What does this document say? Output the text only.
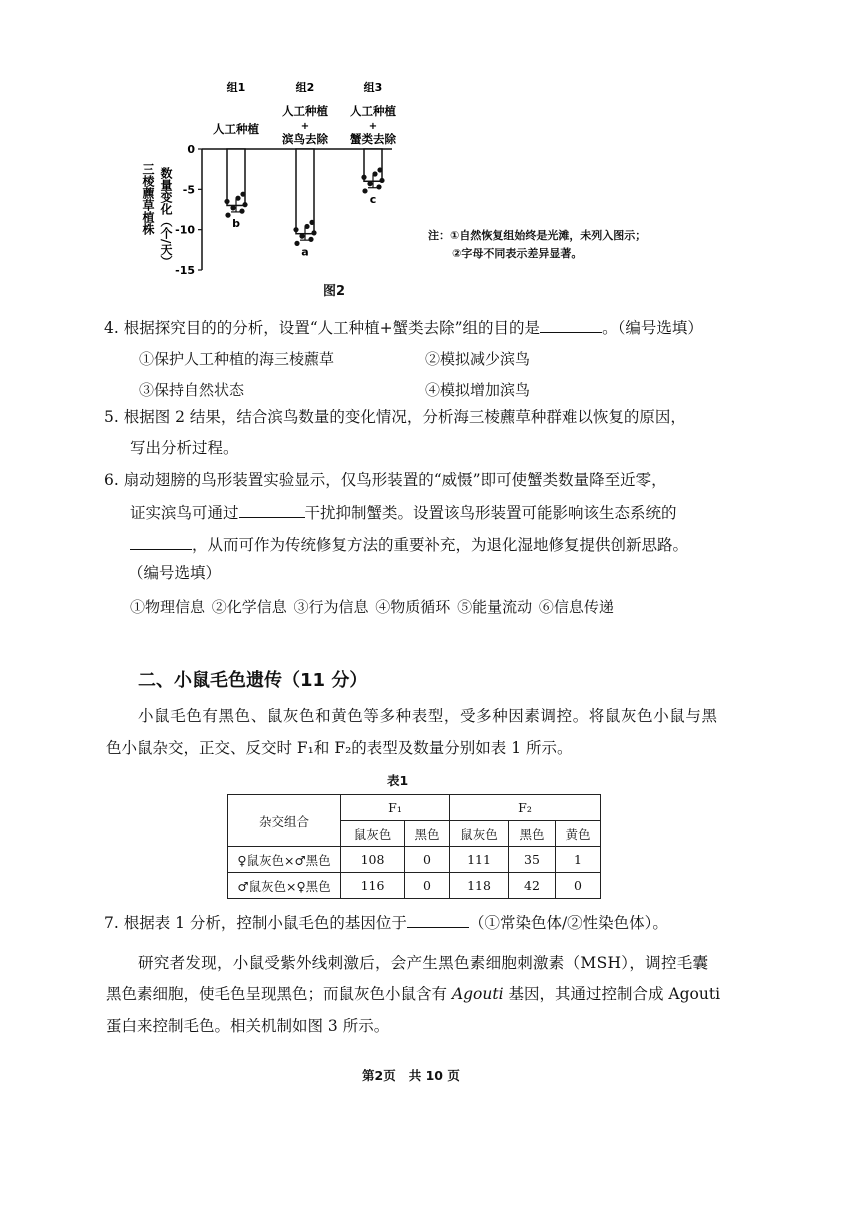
三棱藨草植株 数量变化（个/天）
0
-5
-10
-15
b
a
c
组1
人工种植
组2
人工种植
+
滨鸟去除
组3
人工种植
+
蟹类去除
图2
注：①自然恢复组始终是光滩，未列入图示；
②字母不同表示差异显著。
4. 根据探究目的的分析，设置“人工种植+蟹类去除”组的目的是	。（编号选填）
①保护人工种植的海三棱藨草	②模拟减少滨鸟
③保持自然状态	④模拟增加滨鸟
5. 根据图 2 结果，结合滨鸟数量的变化情况，分析海三棱藨草种群难以恢复的原因，
写出分析过程。
6. 扇动翅膀的鸟形装置实验显示，仅鸟形装置的“威慑”即可使蟹类数量降至近零，
证实滨鸟可通过	干扰抑制蟹类。设置该鸟形装置可能影响该生态系统的
，从而可作为传统修复方法的重要补充，为退化湿地修复提供创新思路。
（编号选填）
①物理信息 ②化学信息 ③行为信息 ④物质循环 ⑤能量流动 ⑥信息传递
二、小鼠毛色遗传（11 分）
小鼠毛色有黑色、鼠灰色和黄色等多种表型，受多种因素调控。将鼠灰色小鼠与黑
色小鼠杂交，正交、反交时 F₁和 F₂的表型及数量分别如表 1 所示。
表1
杂交组合	F₁		F₂		
	鼠灰色	黑色	鼠灰色	黑色	黄色
♀鼠灰色×♂黑色	108	0	111	35	1
♂鼠灰色×♀黑色	116	0	118	42	0
7. 根据表 1 分析，控制小鼠毛色的基因位于	（①常染色体/②性染色体）。
研究者发现，小鼠受紫外线刺激后，会产生黑色素细胞刺激素（MSH），调控毛囊
黑色素细胞，使毛色呈现黑色；而鼠灰色小鼠含有 Agouti 基因，其通过控制合成 Agouti
蛋白来控制毛色。相关机制如图 3 所示。
第2页   共 10 页
